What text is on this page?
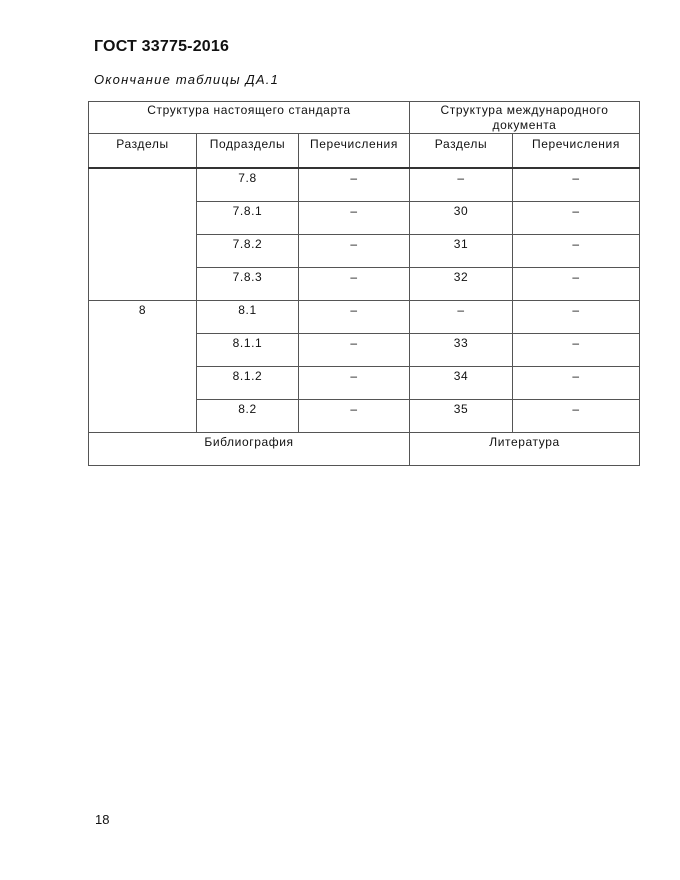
ГОСТ 33775-2016
Окончание таблицы ДА.1
Структура настоящего стандарта			Структура международного документа	
Разделы	Подразделы	Перечисления	Разделы	Перечисления
	7.8	–	–	–
	7.8.1	–	30	–
	7.8.2	–	31	–
	7.8.3	–	32	–
8	8.1	–	–	–
	8.1.1	–	33	–
	8.1.2	–	34	–
	8.2	–	35	–
Библиография			Литература	
18
